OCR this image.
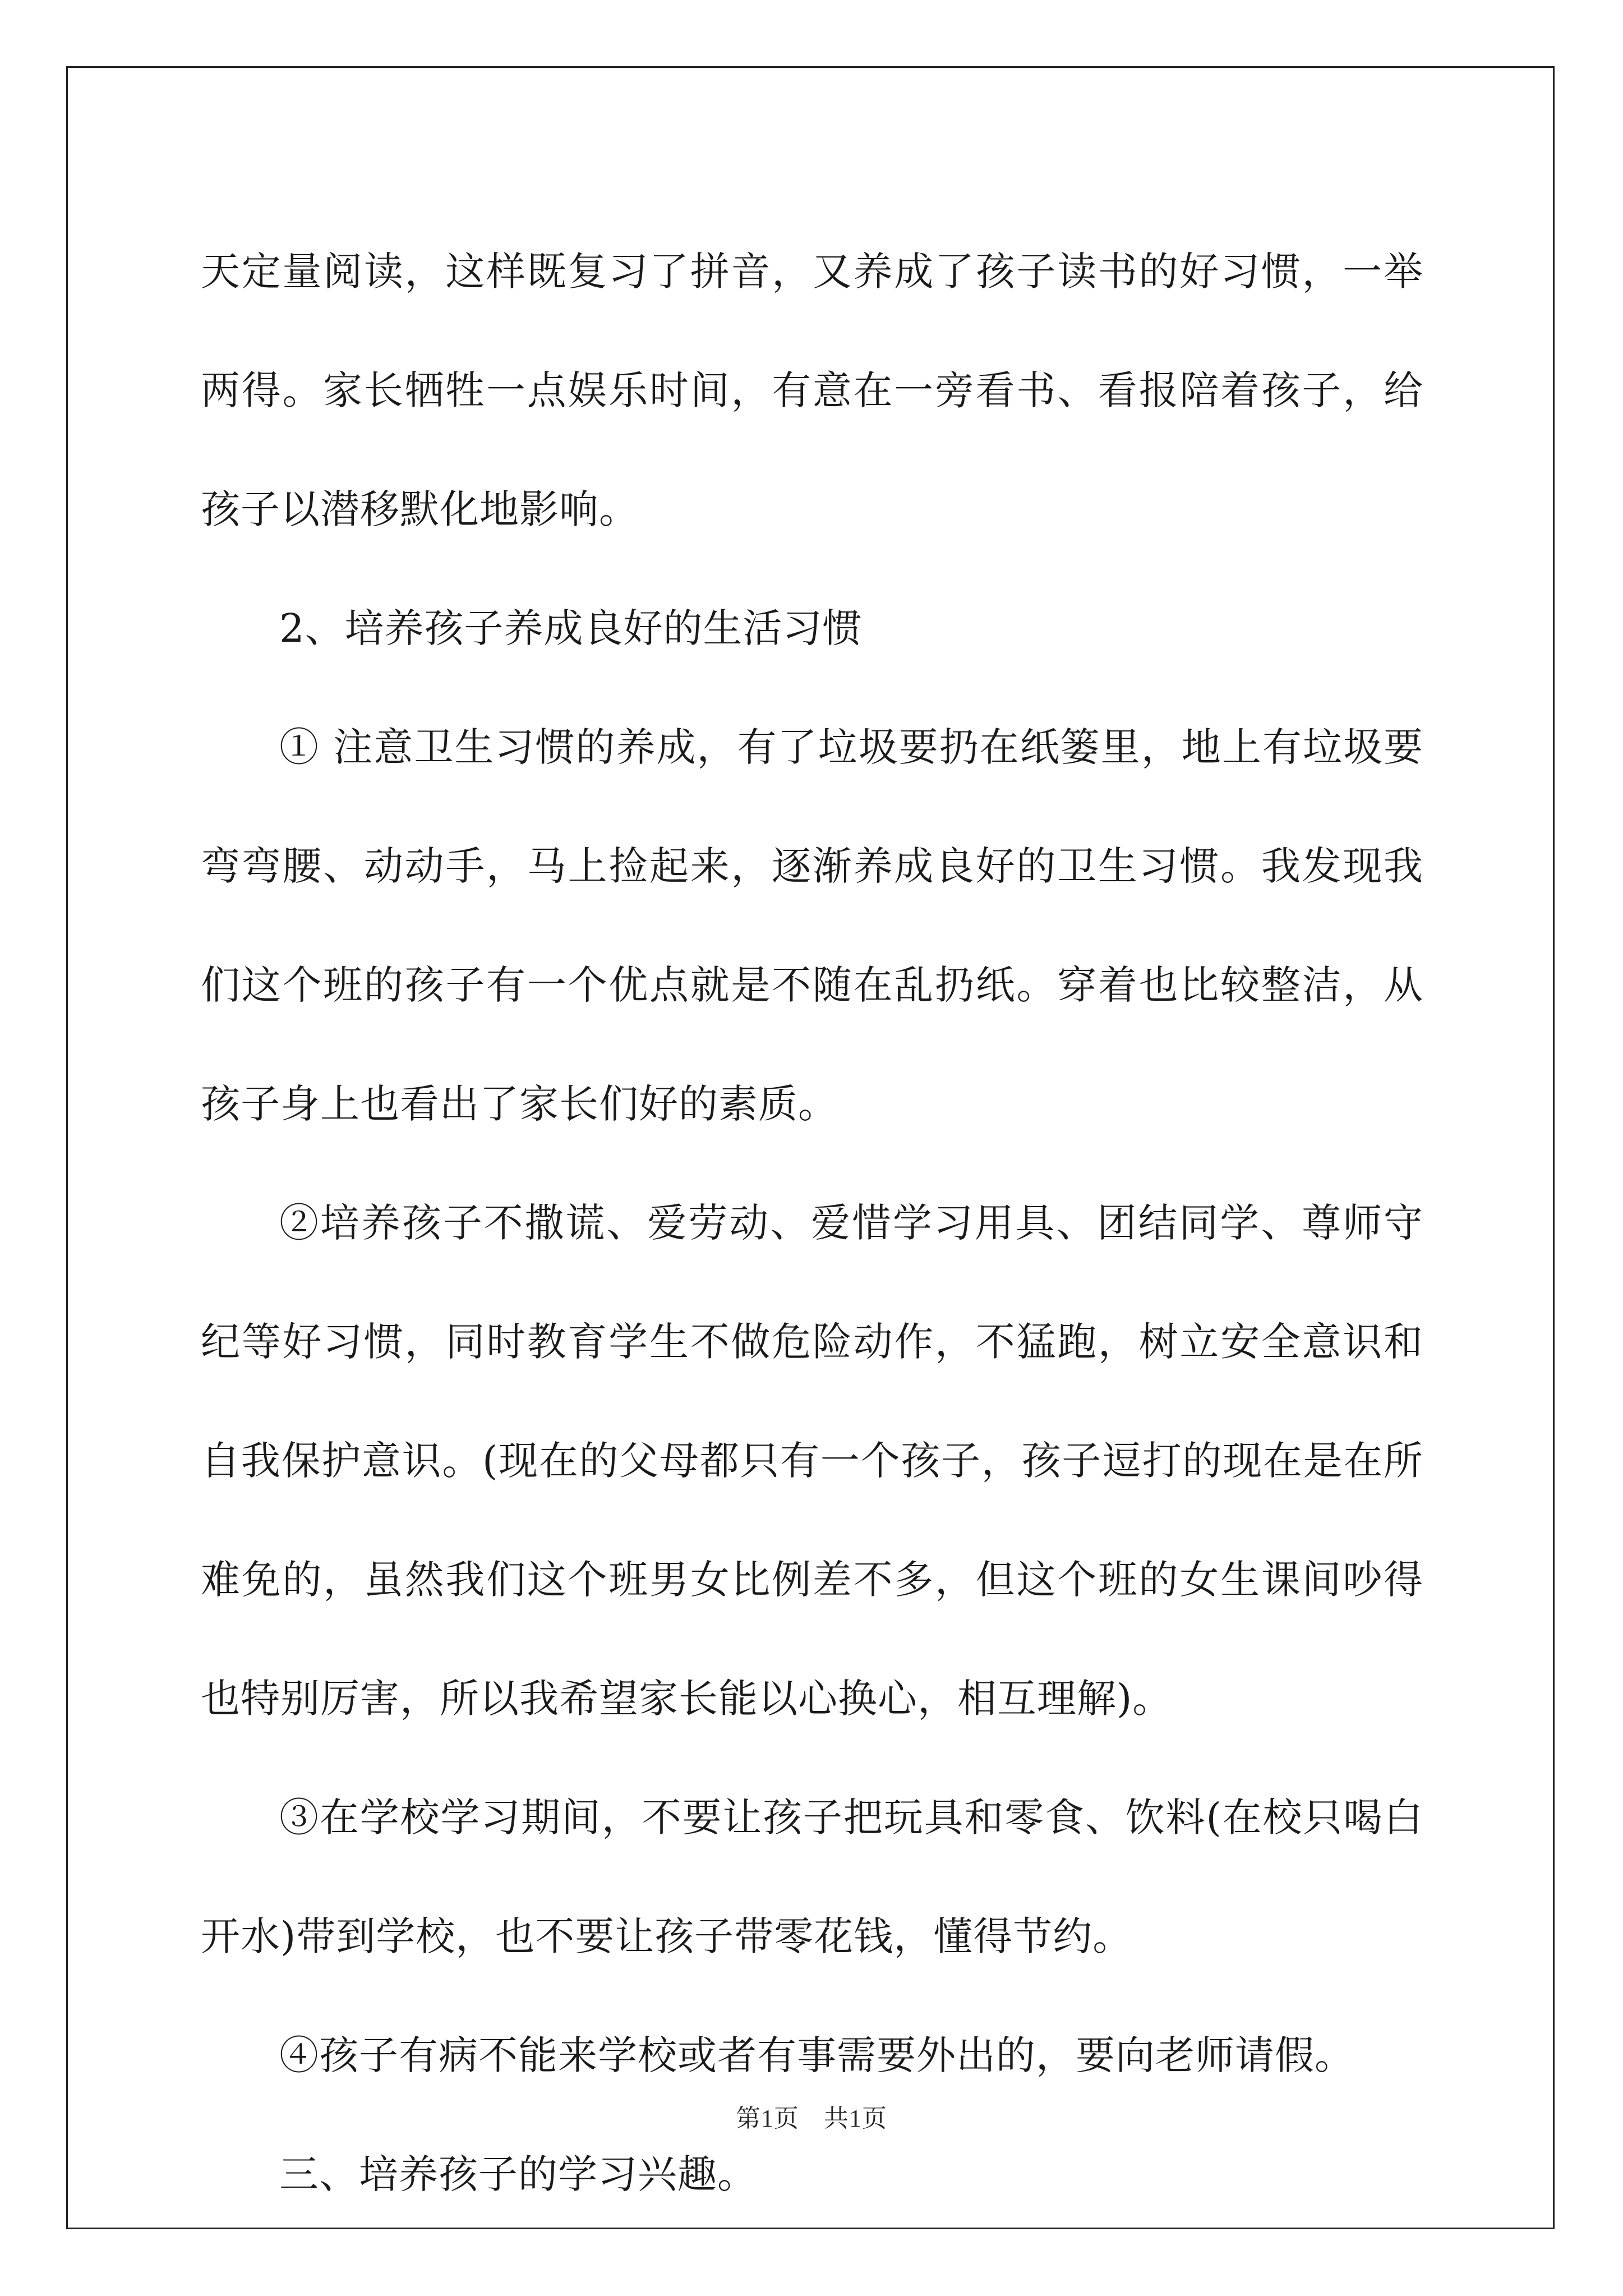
天定量阅读，这样既复习了拼音，又养成了孩子读书的好习惯，一举两得。家长牺牲一点娱乐时间，有意在一旁看书、看报陪着孩子，给孩子以潜移默化地影响。

2、培养孩子养成良好的生活习惯

① 注意卫生习惯的养成，有了垃圾要扔在纸篓里，地上有垃圾要弯弯腰、动动手，马上捡起来，逐渐养成良好的卫生习惯。我发现我们这个班的孩子有一个优点就是不随在乱扔纸。穿着也比较整洁，从孩子身上也看出了家长们好的素质。

②培养孩子不撒谎、爱劳动、爱惜学习用具、团结同学、尊师守纪等好习惯，同时教育学生不做危险动作，不猛跑，树立安全意识和自我保护意识。(现在的父母都只有一个孩子，孩子逗打的现在是在所难免的，虽然我们这个班男女比例差不多，但这个班的女生课间吵得也特别厉害，所以我希望家长能以心换心，相互理解)。

③在学校学习期间，不要让孩子把玩具和零食、饮料(在校只喝白开水)带到学校，也不要让孩子带零花钱，懂得节约。

④孩子有病不能来学校或者有事需要外出的，要向老师请假。

三、培养孩子的学习兴趣。

第1页 共1页
